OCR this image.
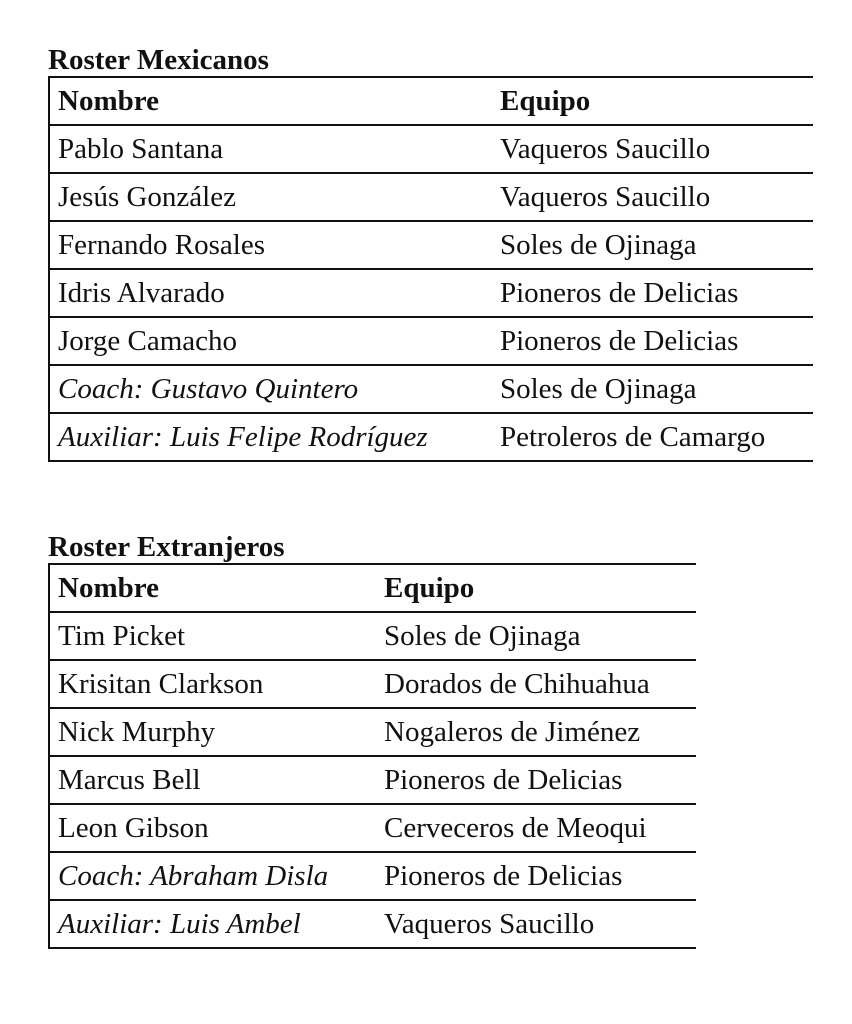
Roster Mexicanos
Nombre	Equipo
Pablo Santana	Vaqueros Saucillo
Jesús González	Vaqueros Saucillo
Fernando Rosales	Soles de Ojinaga
Idris Alvarado	Pioneros de Delicias
Jorge Camacho	Pioneros de Delicias
Coach: Gustavo Quintero	Soles de Ojinaga
Auxiliar: Luis Felipe Rodríguez	Petroleros de Camargo
Roster Extranjeros
Nombre	Equipo
Tim Picket	Soles de Ojinaga
Krisitan Clarkson	Dorados de Chihuahua
Nick Murphy	Nogaleros de Jiménez
Marcus Bell	Pioneros de Delicias
Leon Gibson	Cerveceros de Meoqui
Coach: Abraham Disla	Pioneros de Delicias
Auxiliar: Luis Ambel	Vaqueros Saucillo
